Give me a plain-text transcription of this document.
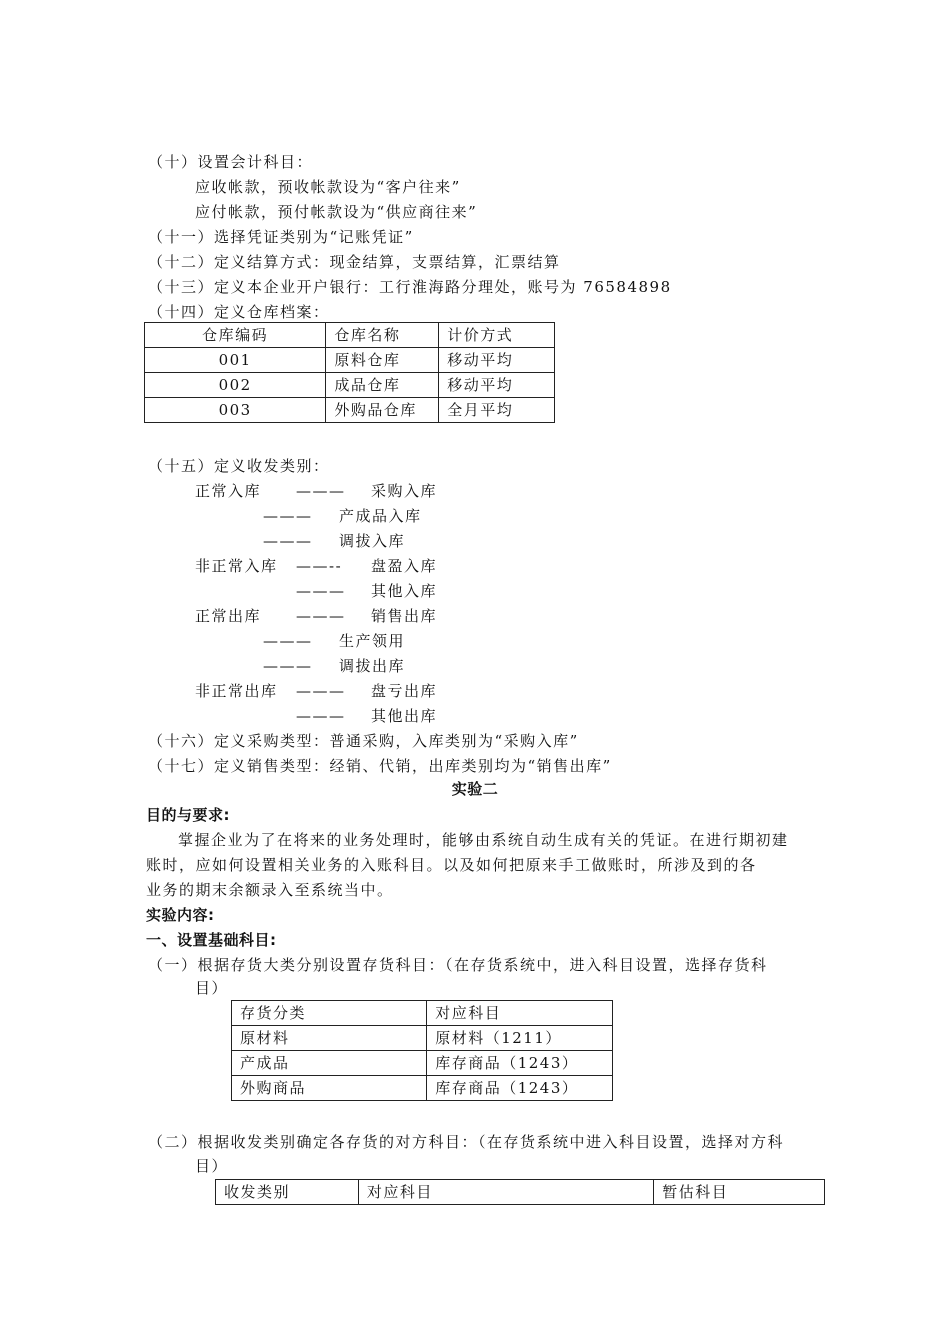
（十）设置会计科目：
应收帐款，预收帐款设为“客户往来”
应付帐款，预付帐款设为“供应商往来”
（十一）选择凭证类别为“记账凭证”
（十二）定义结算方式：现金结算，支票结算，汇票结算
（十三）定义本企业开户银行：工行淮海路分理处，账号为 76584898
（十四）定义仓库档案：
仓库编码	仓库名称	计价方式
001	原料仓库	移动平均
002	成品仓库	移动平均
003	外购品仓库	全月平均
（十五）定义收发类别：
正常入库 ——— 采购入库
——— 产成品入库
——— 调拔入库
非正常入库 ——-- 盘盈入库
——— 其他入库
正常出库 ——— 销售出库
——— 生产领用
——— 调拔出库
非正常出库 ——— 盘亏出库
——— 其他出库
（十六）定义采购类型：普通采购，入库类别为“采购入库”
（十七）定义销售类型：经销、代销，出库类别均为“销售出库”
实验二
目的与要求:
掌握企业为了在将来的业务处理时，能够由系统自动生成有关的凭证。在进行期初建
账时，应如何设置相关业务的入账科目。以及如何把原来手工做账时，所涉及到的各
业务的期末余额录入至系统当中。
实验内容:
一、设置基础科目:
（一）根据存货大类分别设置存货科目：（在存货系统中，进入科目设置，选择存货科
目）
存货分类	对应科目
原材料	原材料（1211）
产成品	库存商品（1243）
外购商品	库存商品（1243）
（二）根据收发类别确定各存货的对方科目：（在存货系统中进入科目设置，选择对方科
目）
收发类别	对应科目	暂估科目
